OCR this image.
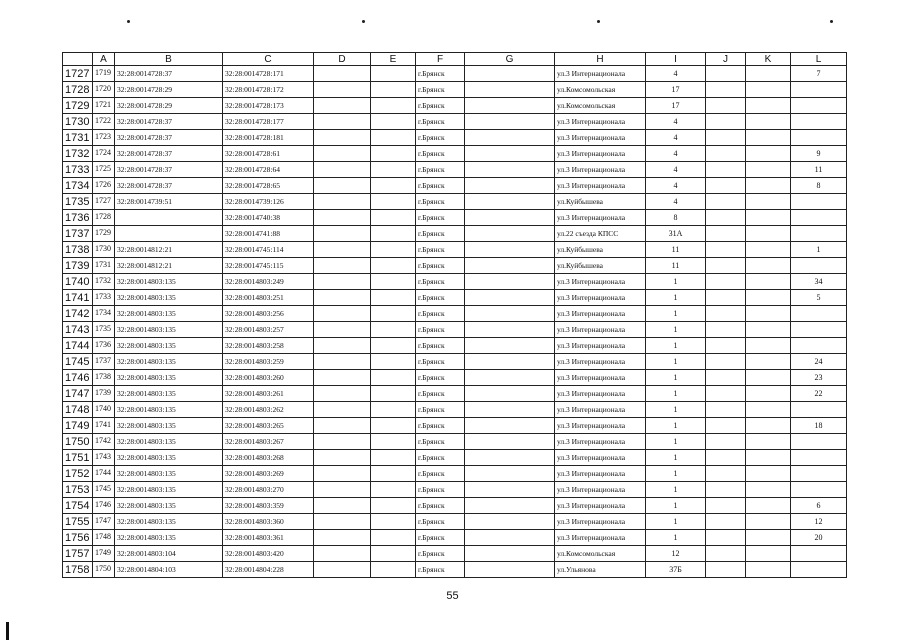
	A	B	C	D	E	F	G	H	I	J	K	L
1727	1719	32:28:0014728:37	32:28:0014728:171			г.Брянск		ул.3 Интернационала	4			7
1728	1720	32:28:0014728:29	32:28:0014728:172			г.Брянск		ул.Комсомольская	17			
1729	1721	32:28:0014728:29	32:28:0014728:173			г.Брянск		ул.Комсомольская	17			
1730	1722	32:28:0014728:37	32:28:0014728:177			г.Брянск		ул.3 Интернационала	4			
1731	1723	32:28:0014728:37	32:28:0014728:181			г.Брянск		ул.3 Интернационала	4			
1732	1724	32:28:0014728:37	32:28:0014728:61			г.Брянск		ул.3 Интернационала	4			9
1733	1725	32:28:0014728:37	32:28:0014728:64			г.Брянск		ул.3 Интернационала	4			11
1734	1726	32:28:0014728:37	32:28:0014728:65			г.Брянск		ул.3 Интернационала	4			8
1735	1727	32:28:0014739:51	32:28:0014739:126			г.Брянск		ул.Куйбышева	4			
1736	1728		32:28:0014740:38			г.Брянск		ул.3 Интернационала	8			
1737	1729		32:28:0014741:88			г.Брянск		ул.22 съезда КПСС	31А			
1738	1730	32:28:0014812:21	32:28:0014745:114			г.Брянск		ул.Куйбышева	11			1
1739	1731	32:28:0014812:21	32:28:0014745:115			г.Брянск		ул.Куйбышева	11			
1740	1732	32:28:0014803:135	32:28:0014803:249			г.Брянск		ул.3 Интернационала	1			34
1741	1733	32:28:0014803:135	32:28:0014803:251			г.Брянск		ул.3 Интернационала	1			5
1742	1734	32:28:0014803:135	32:28:0014803:256			г.Брянск		ул.3 Интернационала	1			
1743	1735	32:28:0014803:135	32:28:0014803:257			г.Брянск		ул.3 Интернационала	1			
1744	1736	32:28:0014803:135	32:28:0014803:258			г.Брянск		ул.3 Интернационала	1			
1745	1737	32:28:0014803:135	32:28:0014803:259			г.Брянск		ул.3 Интернационала	1			24
1746	1738	32:28:0014803:135	32:28:0014803:260			г.Брянск		ул.3 Интернационала	1			23
1747	1739	32:28:0014803:135	32:28:0014803:261			г.Брянск		ул.3 Интернационала	1			22
1748	1740	32:28:0014803:135	32:28:0014803:262			г.Брянск		ул.3 Интернационала	1			
1749	1741	32:28:0014803:135	32:28:0014803:265			г.Брянск		ул.3 Интернационала	1			18
1750	1742	32:28:0014803:135	32:28:0014803:267			г.Брянск		ул.3 Интернационала	1			
1751	1743	32:28:0014803:135	32:28:0014803:268			г.Брянск		ул.3 Интернационала	1			
1752	1744	32:28:0014803:135	32:28:0014803:269			г.Брянск		ул.3 Интернационала	1			
1753	1745	32:28:0014803:135	32:28:0014803:270			г.Брянск		ул.3 Интернационала	1			
1754	1746	32:28:0014803:135	32:28:0014803:359			г.Брянск		ул.3 Интернационала	1			6
1755	1747	32:28:0014803:135	32:28:0014803:360			г.Брянск		ул.3 Интернационала	1			12
1756	1748	32:28:0014803:135	32:28:0014803:361			г.Брянск		ул.3 Интернационала	1			20
1757	1749	32:28:0014803:104	32:28:0014803:420			г.Брянск		ул.Комсомольская	12			
1758	1750	32:28:0014804:103	32:28:0014804:228			г.Брянск		ул.Ульянова	37Б			
55
